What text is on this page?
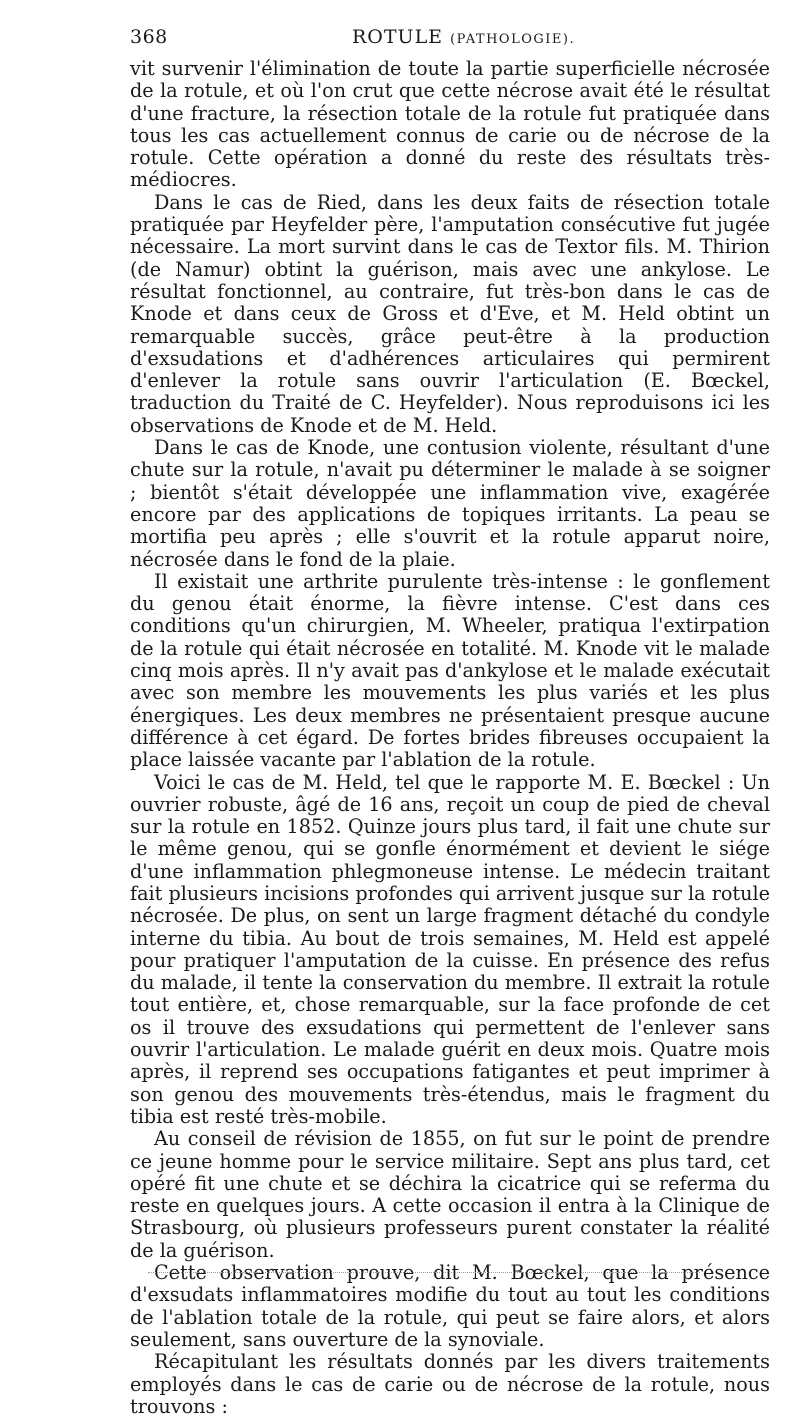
368	ROTULE (PATHOLOGIE).

vit survenir l'élimination de toute la partie superficielle nécrosée de la rotule, et où l'on crut que cette nécrose avait été le résultat d'une fracture, la résection totale de la rotule fut pratiquée dans tous les cas actuellement connus de carie ou de nécrose de la rotule. Cette opération a donné du reste des résultats très-médiocres.

Dans le cas de Ried, dans les deux faits de résection totale pratiquée par Heyfelder père, l'amputation consécutive fut jugée nécessaire. La mort survint dans le cas de Textor fils. M. Thirion (de Namur) obtint la guérison, mais avec une ankylose. Le résultat fonctionnel, au contraire, fut très-bon dans le cas de Knode et dans ceux de Gross et d'Eve, et M. Held obtint un remarquable succès, grâce peut-être à la production d'exsudations et d'adhérences articulaires qui permirent d'enlever la rotule sans ouvrir l'articulation (E. Bœckel, traduction du Traité de C. Heyfelder). Nous reproduisons ici les observations de Knode et de M. Held.

Dans le cas de Knode, une contusion violente, résultant d'une chute sur la rotule, n'avait pu déterminer le malade à se soigner ; bientôt s'était développée une inflammation vive, exagérée encore par des applications de topiques irritants. La peau se mortifia peu après ; elle s'ouvrit et la rotule apparut noire, nécrosée dans le fond de la plaie.

Il existait une arthrite purulente très-intense : le gonflement du genou était énorme, la fièvre intense. C'est dans ces conditions qu'un chirurgien, M. Wheeler, pratiqua l'extirpation de la rotule qui était nécrosée en totalité. M. Knode vit le malade cinq mois après. Il n'y avait pas d'ankylose et le malade exécutait avec son membre les mouvements les plus variés et les plus énergiques. Les deux membres ne présentaient presque aucune différence à cet égard. De fortes brides fibreuses occupaient la place laissée vacante par l'ablation de la rotule.

Voici le cas de M. Held, tel que le rapporte M. E. Bœckel : Un ouvrier robuste, âgé de 16 ans, reçoit un coup de pied de cheval sur la rotule en 1852. Quinze jours plus tard, il fait une chute sur le même genou, qui se gonfle énormément et devient le siége d'une inflammation phlegmoneuse intense. Le médecin traitant fait plusieurs incisions profondes qui arrivent jusque sur la rotule nécrosée. De plus, on sent un large fragment détaché du condyle interne du tibia. Au bout de trois semaines, M. Held est appelé pour pratiquer l'amputation de la cuisse. En présence des refus du malade, il tente la conservation du membre. Il extrait la rotule tout entière, et, chose remarquable, sur la face profonde de cet os il trouve des exsudations qui permettent de l'enlever sans ouvrir l'articulation. Le malade guérit en deux mois. Quatre mois après, il reprend ses occupations fatigantes et peut imprimer à son genou des mouvements très-étendus, mais le fragment du tibia est resté très-mobile.

Au conseil de révision de 1855, on fut sur le point de prendre ce jeune homme pour le service militaire. Sept ans plus tard, cet opéré fit une chute et se déchira la cicatrice qui se referma du reste en quelques jours. A cette occasion il entra à la Clinique de Strasbourg, où plusieurs professeurs purent constater la réalité de la guérison.

Cette observation prouve, dit M. Bœckel, que la présence d'exsudats inflammatoires modifie du tout au tout les conditions de l'ablation totale de la rotule, qui peut se faire alors, et alors seulement, sans ouverture de la synoviale.

Récapitulant les résultats donnés par les divers traitements employés dans le cas de carie ou de nécrose de la rotule, nous trouvons :
